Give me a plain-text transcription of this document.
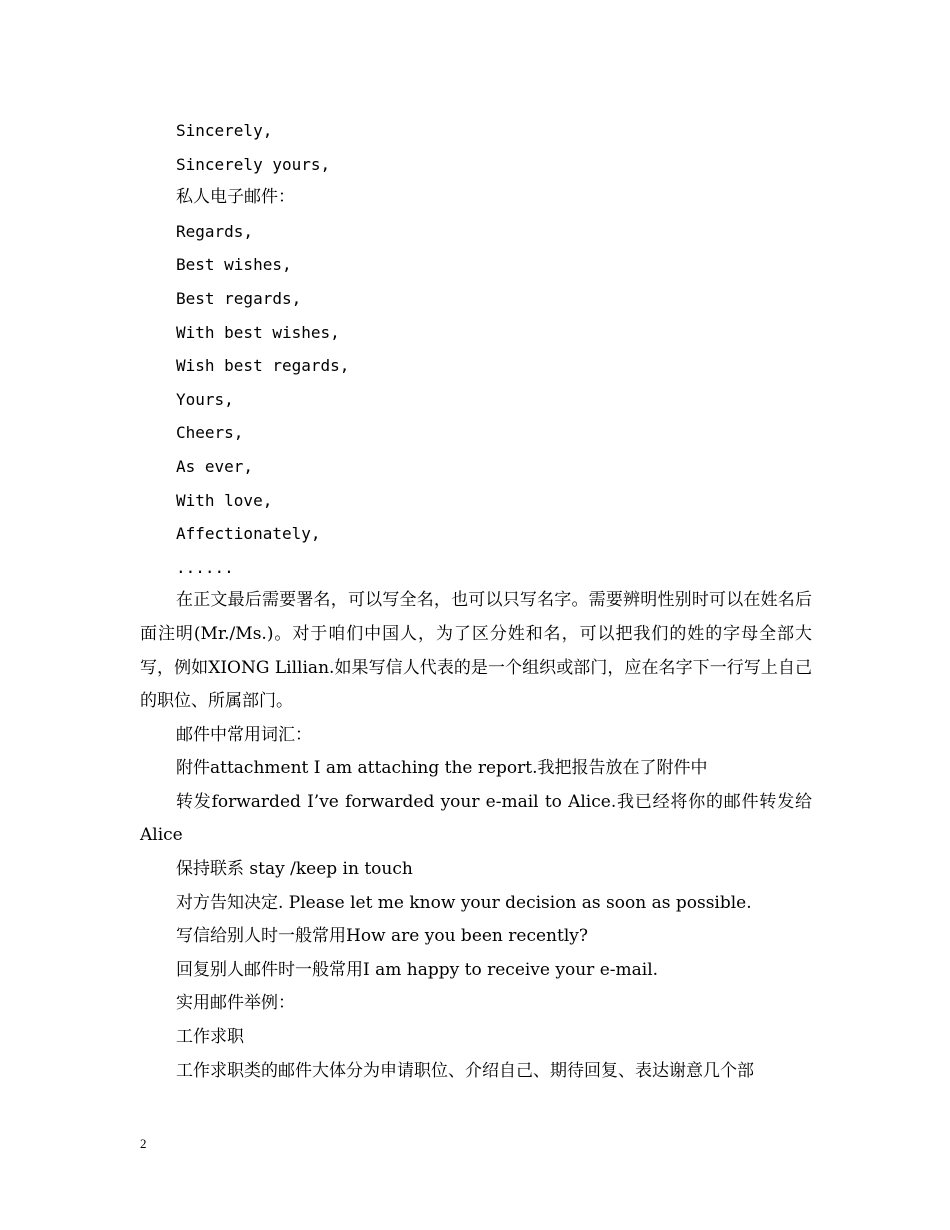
Sincerely,

Sincerely yours,

私人电子邮件：

Regards,

Best wishes,

Best regards,

With best wishes,

Wish best regards,

Yours,

Cheers,

As ever,

With love,

Affectionately,

......

在正文最后需要署名，可以写全名，也可以只写名字。需要辨明性别时可以在姓名后面注明(Mr./Ms.)。对于咱们中国人，为了区分姓和名，可以把我们的姓的字母全部大写，例如XIONG Lillian.如果写信人代表的是一个组织或部门，应在名字下一行写上自己的职位、所属部门。

邮件中常用词汇：

附件attachment I am attaching the report.我把报告放在了附件中

转发forwarded I’ve forwarded your e-mail to Alice.我已经将你的邮件转发给Alice

保持联系 stay /keep in touch

对方告知决定. Please let me know your decision as soon as possible.

写信给别人时一般常用How are you been recently?

回复别人邮件时一般常用I am happy to receive your e-mail.

实用邮件举例：

工作求职

工作求职类的邮件大体分为申请职位、介绍自己、期待回复、表达谢意几个部

2
